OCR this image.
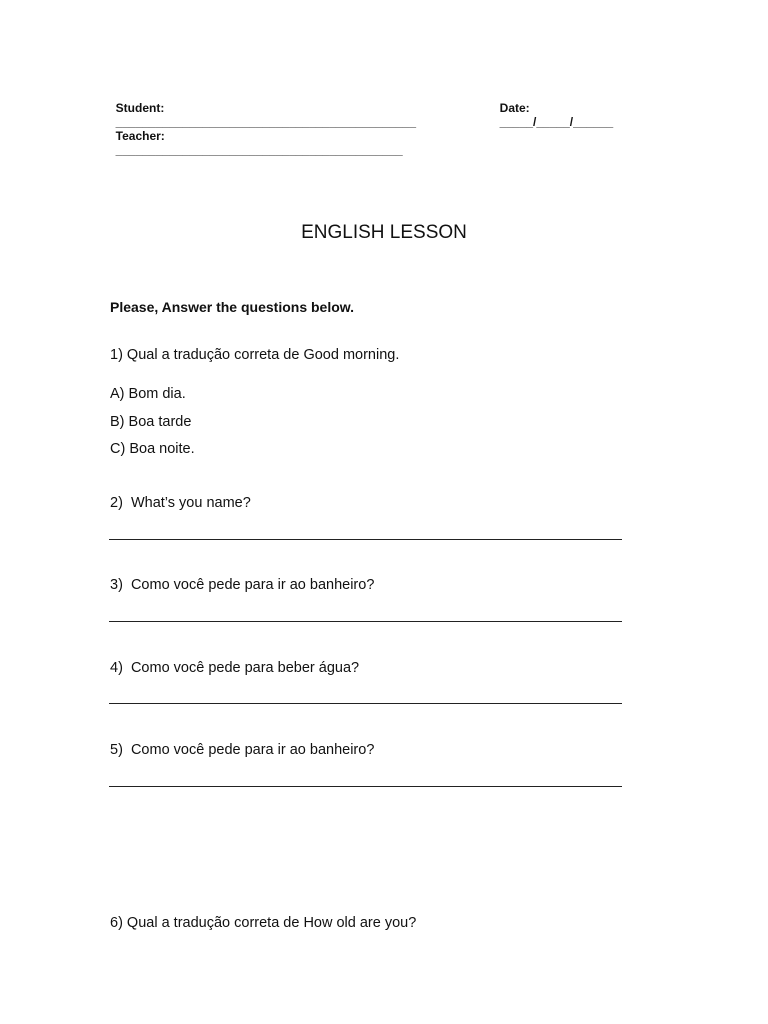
Student:
_____________________________________________

Date:
_____/_____/______

Teacher:
___________________________________________

ENGLISH LESSON
Please, Answer the questions below.
1) Qual a tradução correta de Good morning.
A) Bom dia.
B) Boa tarde
C) Boa noite.
2)  What’s you name?
3)  Como você pede para ir ao banheiro?
4)  Como você pede para beber água?
5)  Como você pede para ir ao banheiro?
6) Qual a tradução correta de How old are you?
